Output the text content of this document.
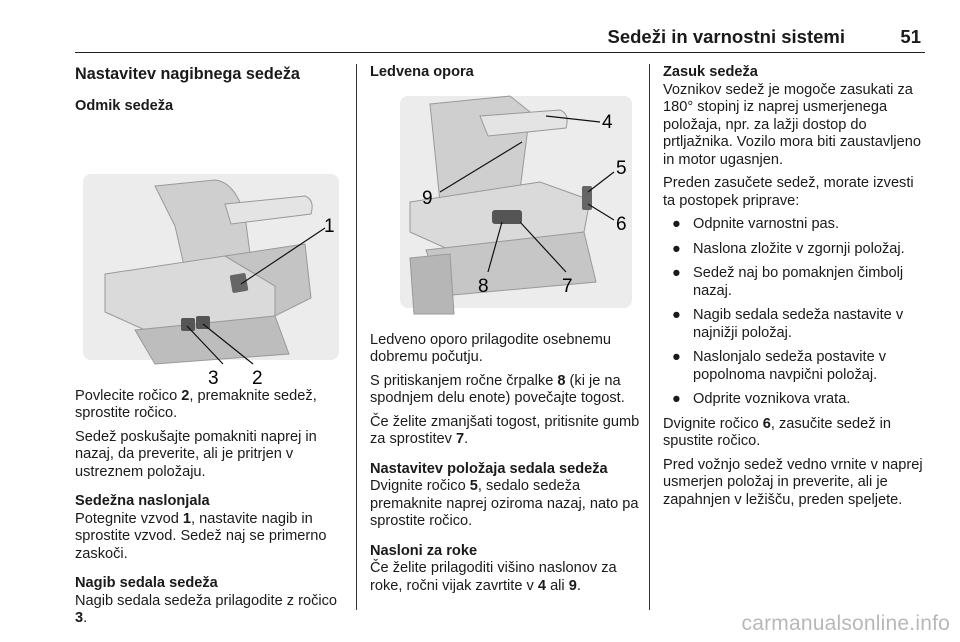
Sedeži in varnostni sistemi	51
Nastavitev nagibnega sedeža
Odmik sedeža
1
3 2

Povlecite ročico 2, premaknite sedež, sprostite ročico.

Sedež poskušajte pomakniti naprej in nazaj, da preverite, ali je pritrjen v ustreznem položaju.

Sedežna naslonjala

Potegnite vzvod 1, nastavite nagib in sprostite vzvod. Sedež naj se primerno zaskoči.

Nagib sedala sedeža

Nagib sedala sedeža prilagodite z ročico 3.

Ledvena opora
4
5
9
6
8	7

Ledveno oporo prilagodite osebnemu dobremu počutju.

S pritiskanjem ročne črpalke 8 (ki je na spodnjem delu enote) povečajte togost.

Če želite zmanjšati togost, pritisnite gumb za sprostitev 7.

Nastavitev položaja sedala sedeža

Dvignite ročico 5, sedalo sedeža premaknite naprej oziroma nazaj, nato pa sprostite ročico.

Nasloni za roke

Če želite prilagoditi višino naslonov za roke, ročni vijak zavrtite v 4 ali 9.

Zasuk sedeža

Voznikov sedež je mogoče zasukati za 180° stopinj iz naprej usmerjenega položaja, npr. za lažji dostop do prtljažnika. Vozilo mora biti zaustavljeno in motor ugasnjen.

Preden zasučete sedež, morate izvesti ta postopek priprave:

● Odpnite varnostni pas.
● Naslona zložite v zgornji položaj.
● Sedež naj bo pomaknjen čimbolj nazaj.
● Nagib sedala sedeža nastavite v najnižji položaj.
● Naslonjalo sedeža postavite v popolnoma navpični položaj.
● Odprite voznikova vrata.

Dvignite ročico 6, zasučite sedež in spustite ročico.

Pred vožnjo sedež vedno vrnite v naprej usmerjen položaj in preverite, ali je zapahnjen v ležišču, preden speljete.

carmanualsonline.info
